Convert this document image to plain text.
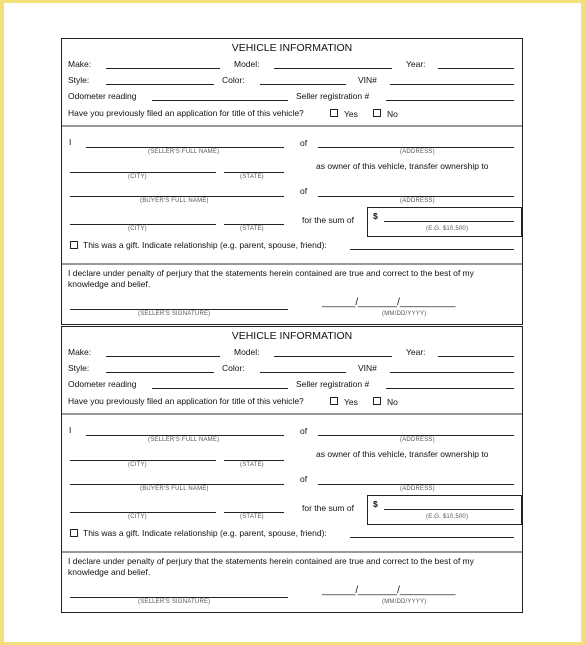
VEHICLE INFORMATION
Make:	Model:	Year:
Style:	Color:	VIN#
Odometer reading	Seller registration #
Have you previously filed an application for title of this vehicle?	Yes	No
I
(SELLER'S FULL NAME)
of
(ADDRESS)
(CITY)	(STATE)
as owner of this vehicle, transfer ownership to
(BUYER'S FULL NAME)
of
(ADDRESS)
(CITY)	(STATE)
for the sum of $
(E.G. $10,500)
This was a gift. Indicate relationship (e.g. parent, spouse, friend):
I declare under penalty of perjury that the statements herein contained are true and correct to the best of my
knowledge and belief.
(SELLER'S SIGNATURE)
______/_______/__________
(MM/DD/YYYY)
VEHICLE INFORMATION
Make:	Model:	Year:
Style:	Color:	VIN#
Odometer reading	Seller registration #
Have you previously filed an application for title of this vehicle?	Yes	No
I
(SELLER'S FULL NAME)
of
(ADDRESS)
(CITY)	(STATE)
as owner of this vehicle, transfer ownership to
(BUYER'S FULL NAME)
of
(ADDRESS)
(CITY)	(STATE)
for the sum of $
(E.G. $10,500)
This was a gift. Indicate relationship (e.g. parent, spouse, friend):
I declare under penalty of perjury that the statements herein contained are true and correct to the best of my
knowledge and belief.
(SELLER'S SIGNATURE)
______/_______/__________
(MM/DD/YYYY)
